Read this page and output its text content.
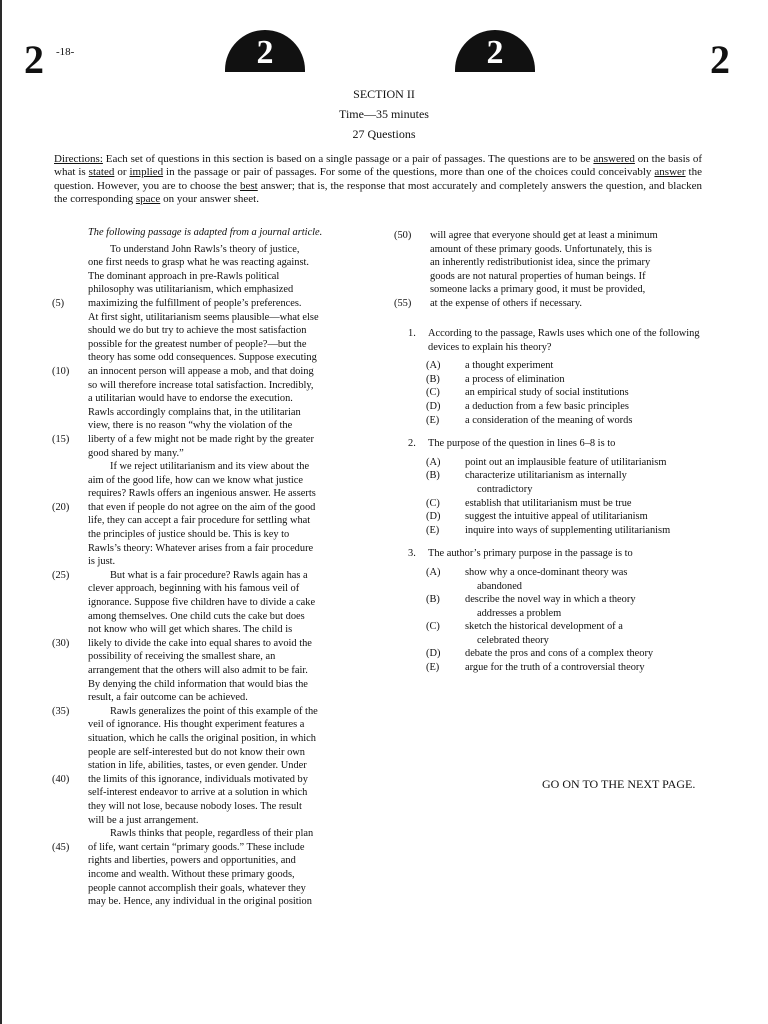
2 -18-	2	2	2
SECTION II
Time—35 minutes
27 Questions
Directions: Each set of questions in this section is based on a single passage or a pair of passages. The questions are to be answered on the basis of what is stated or implied in the passage or pair of passages. For some of the questions, more than one of the choices could conceivably answer the question. However, you are to choose the best answer; that is, the response that most accurately and completely answers the question, and blacken the corresponding space on your answer sheet.
The following passage is adapted from a journal article.
To understand John Rawls’s theory of justice,
one first needs to grasp what he was reacting against.
The dominant approach in pre-Rawls political
philosophy was utilitarianism, which emphasized
(5)	maximizing the fulfillment of people’s preferences.
At first sight, utilitarianism seems plausible—what else
should we do but try to achieve the most satisfaction
possible for the greatest number of people?—but the
theory has some odd consequences. Suppose executing
(10)	an innocent person will appease a mob, and that doing
so will therefore increase total satisfaction. Incredibly,
a utilitarian would have to endorse the execution.
Rawls accordingly complains that, in the utilitarian
view, there is no reason “why the violation of the
(15)	liberty of a few might not be made right by the greater
good shared by many.”
If we reject utilitarianism and its view about the
aim of the good life, how can we know what justice
requires? Rawls offers an ingenious answer. He asserts
(20)	that even if people do not agree on the aim of the good
life, they can accept a fair procedure for settling what
the principles of justice should be. This is key to
Rawls’s theory: Whatever arises from a fair procedure
is just.
(25)	But what is a fair procedure? Rawls again has a
clever approach, beginning with his famous veil of
ignorance. Suppose five children have to divide a cake
among themselves. One child cuts the cake but does
not know who will get which shares. The child is
(30)	likely to divide the cake into equal shares to avoid the
possibility of receiving the smallest share, an
arrangement that the others will also admit to be fair.
By denying the child information that would bias the
result, a fair outcome can be achieved.
(35)	Rawls generalizes the point of this example of the
veil of ignorance. His thought experiment features a
situation, which he calls the original position, in which
people are self-interested but do not know their own
station in life, abilities, tastes, or even gender. Under
(40)	the limits of this ignorance, individuals motivated by
self-interest endeavor to arrive at a solution in which
they will not lose, because nobody loses. The result
will be a just arrangement.
Rawls thinks that people, regardless of their plan
(45)	of life, want certain “primary goods.” These include
rights and liberties, powers and opportunities, and
income and wealth. Without these primary goods,
people cannot accomplish their goals, whatever they
may be. Hence, any individual in the original position
(50)	will agree that everyone should get at least a minimum
amount of these primary goods. Unfortunately, this is
an inherently redistributionist idea, since the primary
goods are not natural properties of human beings. If
someone lacks a primary good, it must be provided,
(55)	at the expense of others if necessary.
1. According to the passage, Rawls uses which one of the following devices to explain his theory?
(A) a thought experiment
(B) a process of elimination
(C) an empirical study of social institutions
(D) a deduction from a few basic principles
(E) a consideration of the meaning of words
2. The purpose of the question in lines 6–8 is to
(A) point out an implausible feature of utilitarianism
(B) characterize utilitarianism as internally
contradictory
(C) establish that utilitarianism must be true
(D) suggest the intuitive appeal of utilitarianism
(E) inquire into ways of supplementing utilitarianism
3. The author’s primary purpose in the passage is to
(A) show why a once-dominant theory was
abandoned
(B) describe the novel way in which a theory
addresses a problem
(C) sketch the historical development of a
celebrated theory
(D) debate the pros and cons of a complex theory
(E) argue for the truth of a controversial theory
GO ON TO THE NEXT PAGE.
